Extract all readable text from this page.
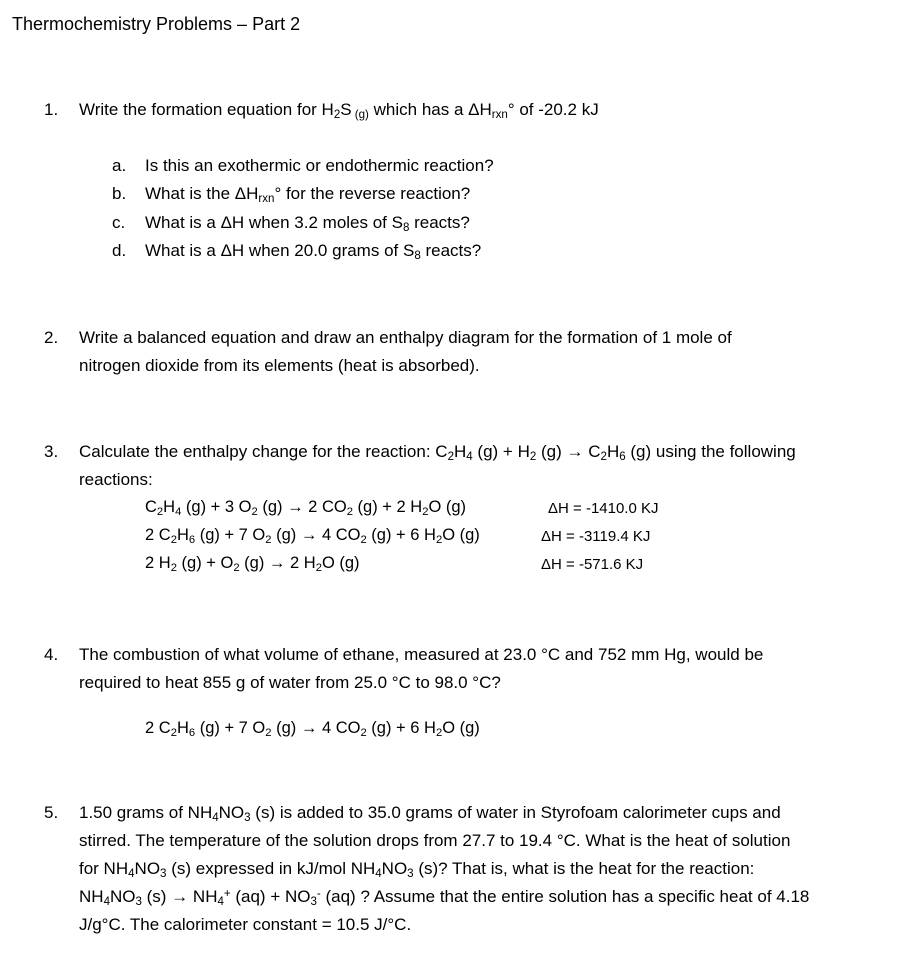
Thermochemistry Problems – Part 2
1. Write the formation equation for $H_2S$ $_{(g)}$ which has a $\Delta H_{rxn}^\circ$ of -20.2 kJ
a.	Is this an exothermic or endothermic reaction?
b.	What is the $\Delta H_{rxn}^\circ$ for the reverse reaction?
c.	What is a ΔH when 3.2 moles of $S_8$ reacts?
d.	What is a ΔH when 20.0 grams of $S_8$ reacts?
2. Write a balanced equation and draw an enthalpy diagram for the formation of 1 mole of
nitrogen dioxide from its elements (heat is absorbed).
3. Calculate the enthalpy change for the reaction: $C_2H_4$ $(g) + H_2$ $(g) \to C_2H_6$ (g) using the following
reactions:
$C_2H_4$ (g) + 3 $O_2$ (g) → 2 $CO_2$ (g) + 2 $H_2O$ (g)	ΔH = -1410.0 KJ
2 $C_2H_6$ (g) + 7 $O_2$ (g) → 4 $CO_2$ (g) + 6 $H_2O$ (g)	ΔH = -3119.4 KJ
2 $H_2$ $(g) + O_2$ (g) → 2 $H_2O$ (g)	ΔH = -571.6 KJ
4. The combustion of what volume of ethane, measured at 23.0 °C and 752 mm Hg, would be
required to heat 855 g of water from 25.0 °C to 98.0 °C?
2 $C_2H_6$ (g) + 7 $O_2$ (g) → 4 $CO_2$ (g) + 6 $H_2O$ (g)
5. 1.50 grams of $NH_4NO_3$ (s) is added to 35.0 grams of water in Styrofoam calorimeter cups and
stirred. The temperature of the solution drops from 27.7 to 19.4 °C. What is the heat of solution
for $NH_4NO_3$ (s) expressed in kJ/mol $NH_4NO_3$ (s)? That is, what is the heat for the reaction:
$NH_4NO_3$ $(s) \to NH_4^+$ $(aq) + NO_3^-$ (aq) ? Assume that the entire solution has a specific heat of 4.18
J/g°C. The calorimeter constant = 10.5 J/°C.
